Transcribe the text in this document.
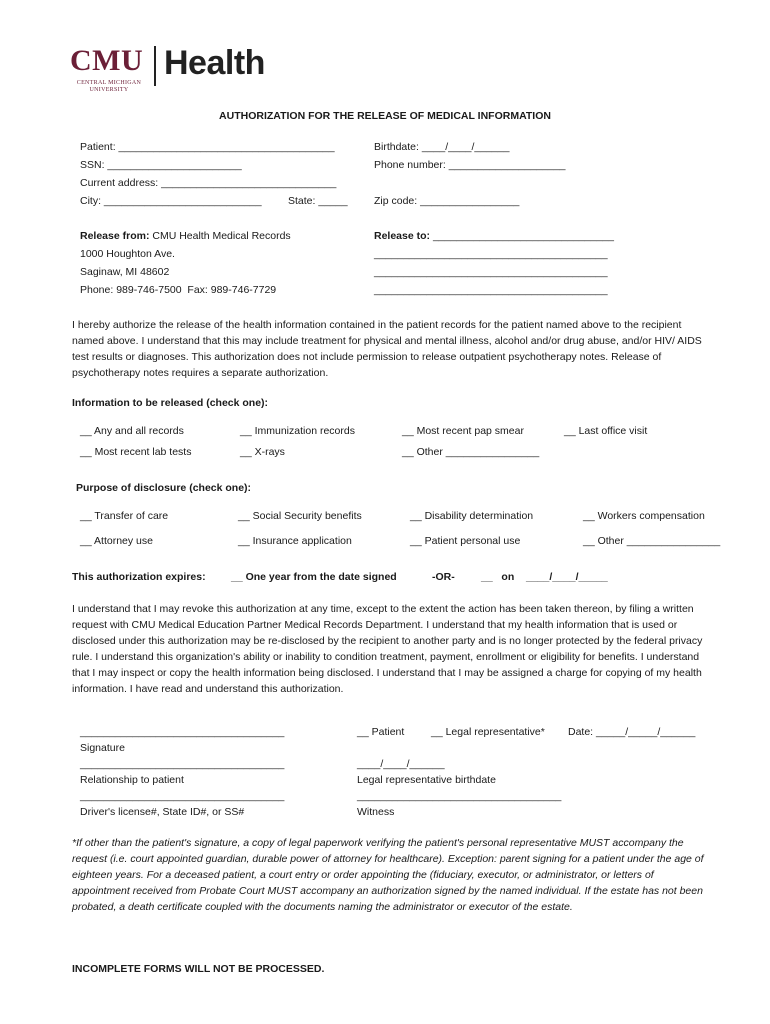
CMU
CENTRAL MICHIGAN
UNIVERSITY
Health
AUTHORIZATION FOR THE RELEASE OF MEDICAL INFORMATION
Patient: _____________________________________	Birthdate: ____/____/______
SSN: _______________________	Phone number: ____________________
Current address: ______________________________
City: ___________________________	State: _____	Zip code: _________________
Release from: CMU Health Medical Records
1000 Houghton Ave.
Saginaw, MI 48602
Phone: 989-746-7500  Fax: 989-746-7729
Release to: _______________________________
________________________________________
________________________________________
________________________________________
I hereby authorize the release of the health information contained in the patient records for the patient named above to the recipient named above. I understand that this may include treatment for physical and mental illness, alcohol and/or drug abuse, and/or HIV/ AIDS test results or diagnoses. This authorization does not include permission to release outpatient psychotherapy notes. Release of psychotherapy notes requires a separate authorization.
Information to be released (check one):
__ Any and all records	__ Immunization records	__ Most recent pap smear	__ Last office visit
__ Most recent lab tests	__ X-rays	__ Other ________________
Purpose of disclosure (check one):
__ Transfer of care	__ Social Security benefits	__ Disability determination	__ Workers compensation
__ Attorney use	__ Insurance application	__ Patient personal use	__ Other ________________
This authorization expires: __ One year from the date signed	-OR-	__   on ____/____/_____
I understand that I may revoke this authorization at any time, except to the extent the action has been taken thereon, by filing a written request with CMU Medical Education Partner Medical Records Department. I understand that my health information that is used or disclosed under this authorization may be re-disclosed by the recipient to another party and is no longer protected by the federal privacy rule. I understand this organization's ability or inability to condition treatment, payment, enrollment or eligibility for benefits. I understand that I may inspect or copy the health information being disclosed. I understand that I may be assigned a charge for copying of my health information. I have read and understand this authorization.
___________________________________	__ Patient	__ Legal representative* Date: _____/_____/______
Signature
___________________________________	____/____/______
Relationship to patient	Legal representative birthdate
___________________________________	___________________________________
Driver's license#, State ID#, or SS#	Witness
*If other than the patient's signature, a copy of legal paperwork verifying the patient's personal representative MUST accompany the request (i.e. court appointed guardian, durable power of attorney for healthcare). Exception: parent signing for a patient under the age of eighteen years. For a deceased patient, a court entry or order appointing the (fiduciary, executor, or administrator, or letters of appointment received from Probate Court MUST accompany an authorization signed by the named individual. If the estate has not been probated, a death certificate coupled with the documents naming the administrator or executor of the estate.
INCOMPLETE FORMS WILL NOT BE PROCESSED.
